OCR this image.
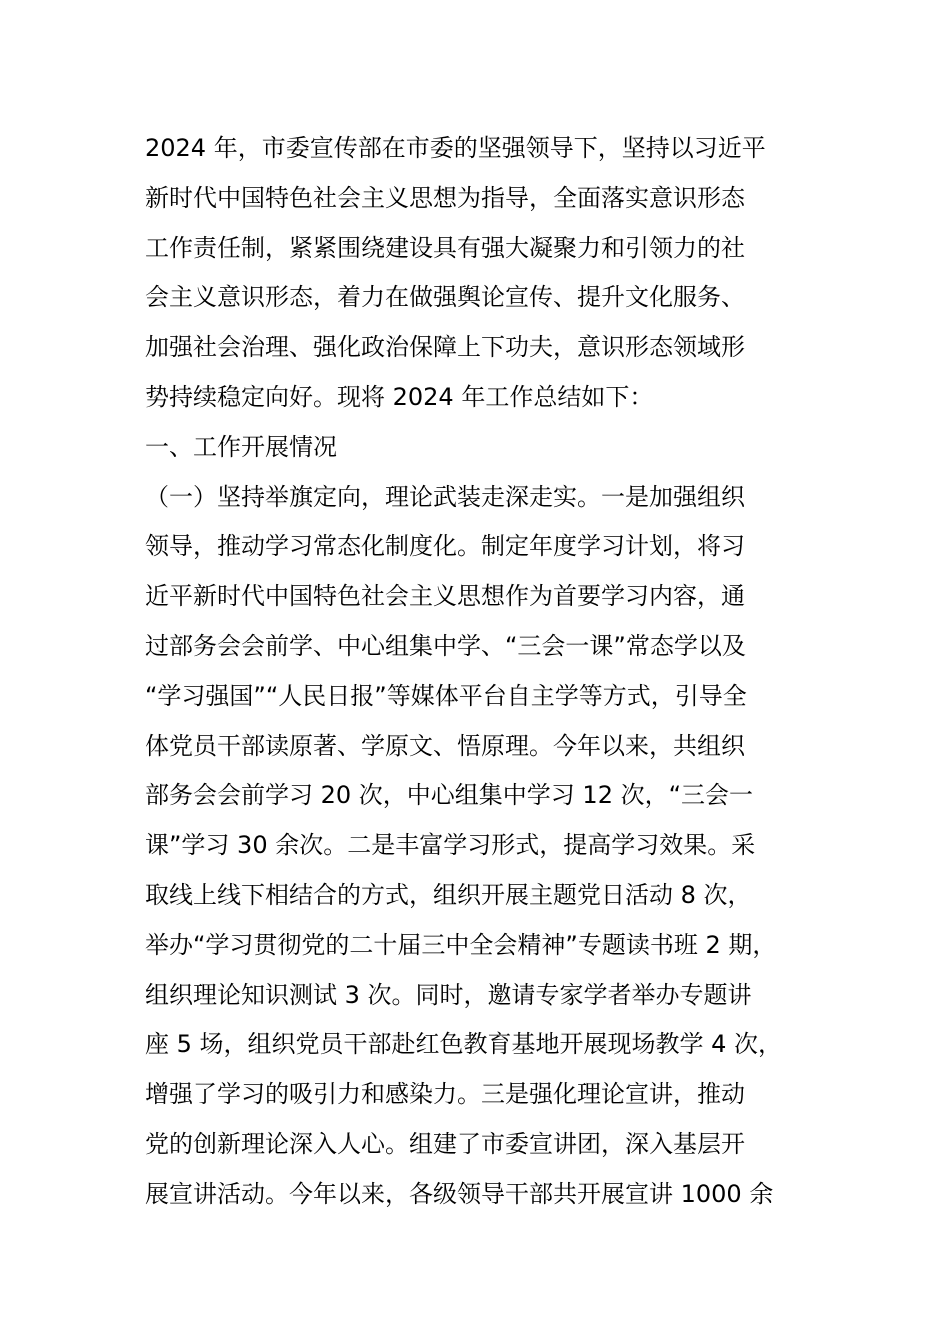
2024 年，市委宣传部在市委的坚强领导下，坚持以习近平
新时代中国特色社会主义思想为指导，全面落实意识形态
工作责任制，紧紧围绕建设具有强大凝聚力和引领力的社
会主义意识形态，着力在做强舆论宣传、提升文化服务、
加强社会治理、强化政治保障上下功夫，意识形态领域形
势持续稳定向好。现将 2024 年工作总结如下：
一、工作开展情况
（一）坚持举旗定向，理论武装走深走实。一是加强组织
领导，推动学习常态化制度化。制定年度学习计划，将习
近平新时代中国特色社会主义思想作为首要学习内容，通
过部务会会前学、中心组集中学、“三会一课”常态学以及
“学习强国”“人民日报”等媒体平台自主学等方式，引导全
体党员干部读原著、学原文、悟原理。今年以来，共组织
部务会会前学习 20 次，中心组集中学习 12 次，“三会一
课”学习 30 余次。二是丰富学习形式，提高学习效果。采
取线上线下相结合的方式，组织开展主题党日活动 8 次，
举办“学习贯彻党的二十届三中全会精神”专题读书班 2 期，
组织理论知识测试 3 次。同时，邀请专家学者举办专题讲
座 5 场，组织党员干部赴红色教育基地开展现场教学 4 次，
增强了学习的吸引力和感染力。三是强化理论宣讲，推动
党的创新理论深入人心。组建了市委宣讲团，深入基层开
展宣讲活动。今年以来，各级领导干部共开展宣讲 1000 余
